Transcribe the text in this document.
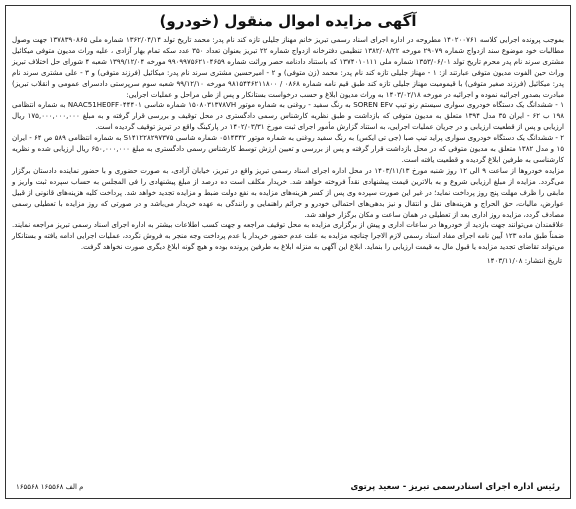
آگهی مزایده اموال منقول (خودرو)

بموجب پرونده اجرایی کلاسه ۱۴۰۲۰۰۷۶۱ مطروحه در اداره اجرای اسناد رسمی تبریز خانم مهناز جلیلی تازه کند نام پدر: محمد تاریخ تولد ۱۳۶۲/۰۴/۱۴ شماره ملی ۱۳۷۸۳۹۰۸۶۵ جهت وصول مطالبات خود موضوع سند ازدواج شماره ۲۹۰۷۹ مورخه ۱۳۸۲/۰۸/۲۲ تنظیمی دفترخانه ازدواج شماره ۲۲ تبریز بعنوان تعداد ۳۵۰ عدد سکه تمام بهار آزادی ، علیه وراث مدیون متوفی میکائیل مشتری سرند نام پدر محرم تاریخ تولد ۱۳۵۳/۰۶/۰۱ شماره ملی ۱۳۷۴۰۱۰۱۱۱ که باستناد دادنامه حصر وراثت شماره ۹۹۰۹۹۷۵۶۲۱۰۴۶۵۹ مورخه ۱۳۹۹/۱۲/۰۴ شعبه ۴ شورای حل اختلاف تبریز وراث حین الفوت مدیون متوفی عبارتند از: ۱ - مهناز جلیلی تازه کند نام پدر: محمد (زن متوفی) و ۲ - امیرحسین مشتری سرند نام پدر: میکائیل (فرزند متوفی) و ۳ - علی مشتری سرند نام پدر: میکائیل (فرزند صغیر متوفی) با قیمومیت مهناز جلیلی تازه کند طبق قیم نامه شماره ۰۸۶۸ / ۹۸۱۵۴۴۶۲۱۱۸۰۰ مورخه ۹۹/۱۲/۱۰ شعبه سوم سرپرستی دادسرای عمومی و انقلاب تبریز) مبادرت بصدور اجرائیه نموده و اجرائیه در مورخه ۱۴۰۳/۰۲/۱۸ به وراث مدیون ابلاغ و حسب درخواست بستانکار و پس از طی مراحل و عملیات اجرایی:

۱ - ششدانگ یک دستگاه خودروی سواری سیستم رنو تیپ SOREN EFv به رنگ سفید - روغنی به شماره موتور ۱۵۰۸۰۳۱۳۷۸VH شماره شاسی NAAC51HE0FF۰۴۴۴۰۱ به شماره انتظامی ۱۹۸ ب ۶۲ - ایران ۳۵ مدل ۱۳۹۴ متعلق به مدیون متوفی که بازداشت و طبق نظریه کارشناس رسمی دادگستری در محل توقیف و بررسی قرار گرفته و به مبلغ ۱۷۵,۰۰۰,۰۰۰,۰۰۰ ریال ارزیابی و پس از قطعیت ارزیابی و در جریان عملیات اجرایی، به استناد گزارش مأمور اجرای ثبت مورخ ۱۴۰۲/۰۳/۳۱ در پارکینگ واقع در تبریز توقیف گردیده است.

۲ - ششدانگ یک دستگاه خودروی سواری پراید تیپ صبا (جی تی ایکس) به رنگ سفید روغنی به شماره موتور ۰۵۱۴۳۴۲ شماره شاسی S۱۴۱۲۲۸۲۹۷۳۷۵ به شماره انتظامی ۵۸۹ ص ۶۴ - ایران ۱۵ و مدل ۱۳۸۲ متعلق به مدیون متوفی که در محل بازداشت قرار گرفته و پس از بررسی و تعیین ارزش توسط کارشناس رسمی دادگستری به مبلغ ۶۵۰,۰۰۰,۰۰۰ ریال ارزیابی شده و نظریه کارشناسی به طرفین ابلاغ گردیده و قطعیت یافته است.

مزایده خودروها از ساعت ۹ الی ۱۲ روز شنبه مورخ ۱۴۰۳/۱۱/۱۳ در محل اداره اجرای اسناد رسمی تبریز واقع در تبریز، خیابان آزادی، به صورت حضوری و با حضور نماینده دادستان برگزار می‌گردد. مزایده از مبلغ ارزیابی شروع و به بالاترین قیمت پیشنهادی نقداً فروخته خواهد شد. خریدار مکلف است ده درصد از مبلغ پیشنهادی را فی المجلس به حساب سپرده ثبت واریز و مابقی را ظرف مهلت پنج روز پرداخت نماید؛ در غیر این صورت سپرده وی پس از کسر هزینه‌های مزایده به نفع دولت ضبط و مزایده تجدید خواهد شد. پرداخت کلیه هزینه‌های قانونی از قبیل عوارض، مالیات، حق الحراج و هزینه‌های نقل و انتقال و نیز بدهی‌های احتمالی خودرو و جرائم راهنمایی و رانندگی به عهده خریدار می‌باشد و در صورتی که روز مزایده با تعطیلی رسمی مصادف گردد، مزایده روز اداری بعد از تعطیلی در همان ساعت و مکان برگزار خواهد شد.

علاقمندان می‌توانند جهت بازدید از خودروها در ساعات اداری و پیش از برگزاری مزایده به محل توقیف مراجعه و جهت کسب اطلاعات بیشتر به اداره اجرای اسناد رسمی تبریز مراجعه نمایند. ضمناً طبق ماده ۱۲۳ آیین نامه اجرای مفاد اسناد رسمی لازم الاجرا چنانچه مزایده به علت عدم حضور خریدار یا عدم پرداخت وجه منجر به فروش نگردد، عملیات اجرایی ادامه یافته و بستانکار می‌تواند تقاضای تجدید مزایده یا قبول مال به قیمت ارزیابی را بنماید. ابلاغ این آگهی به منزله ابلاغ به طرفین پرونده بوده و هیچ گونه ابلاغ دیگری صورت نخواهد گرفت.

تاریخ انتشار: ۱۴۰۳/۱۱/۰۸
رئیس اداره اجرای اسنادرسمی تبریز - سعید پرتوی
م الف ۱۶۵۵۶۸ ۱۶۵۵۶۸
